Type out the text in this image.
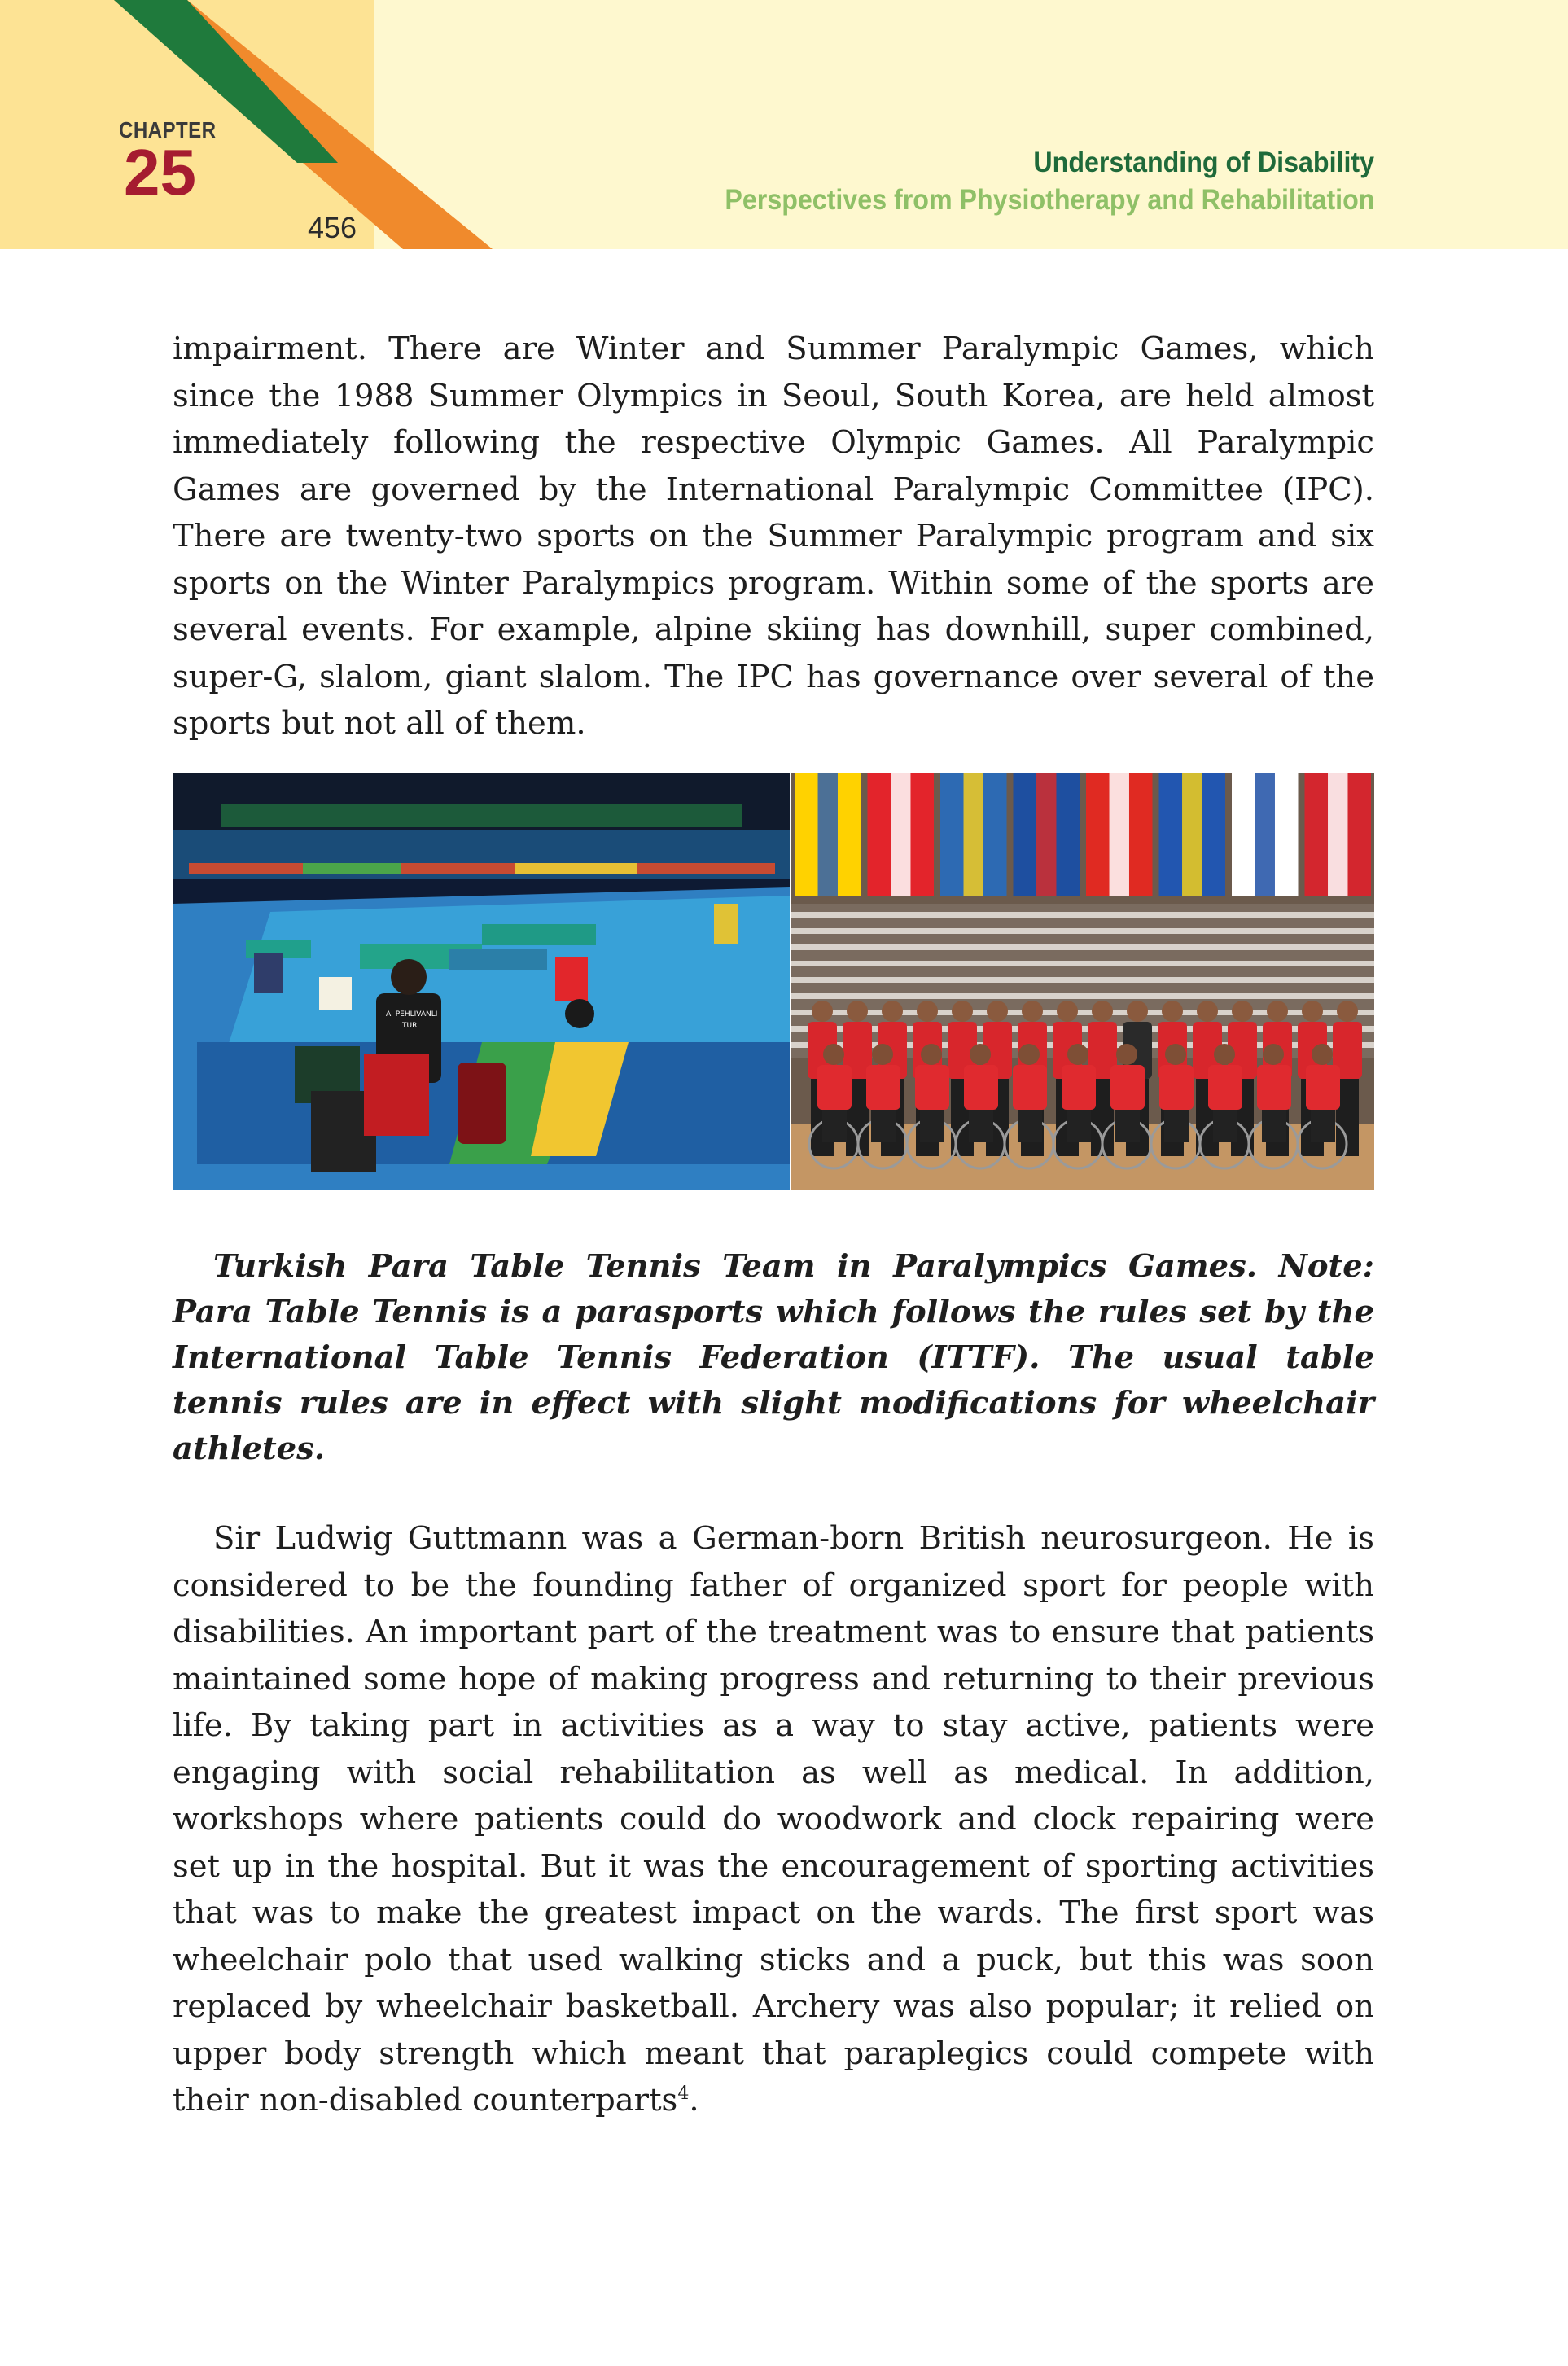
CHAPTER
25
456
Understanding of Disability
Perspectives from Physiotherapy and Rehabilitation

impairment. There are Winter and Summer Paralympic Games, which since the 1988 Summer Olympics in Seoul, South Korea, are held almost immediately following the respective Olympic Games. All Paralympic Games are governed by the International Paralympic Committee (IPC). There are twenty-two sports on the Summer Paralympic program and six sports on the Winter Paralympics program. Within some of the sports are several events. For example, alpine skiing has downhill, super combined, super-G, slalom, giant slalom. The IPC has governance over several of the sports but not all of them.

A. PEHLIVANLI
TUR

Turkish Para Table Tennis Team in Paralympics Games. Note: Para Table Tennis is a parasports which follows the rules set by the International Table Tennis Federation (ITTF). The usual table tennis rules are in effect with slight modifications for wheelchair athletes.

Sir Ludwig Guttmann was a German-born British neurosurgeon. He is considered to be the founding father of organized sport for people with disabilities. An important part of the treatment was to ensure that patients maintained some hope of making progress and returning to their previous life. By taking part in activities as a way to stay active, patients were engaging with social rehabilitation as well as medical. In addition, workshops where patients could do woodwork and clock repairing were set up in the hospital. But it was the encouragement of sporting activities that was to make the greatest impact on the wards. The first sport was wheelchair polo that used walking sticks and a puck, but this was soon replaced by wheelchair basketball. Archery was also popular; it relied on upper body strength which meant that paraplegics could compete with their non-disabled counterparts$^4$.
